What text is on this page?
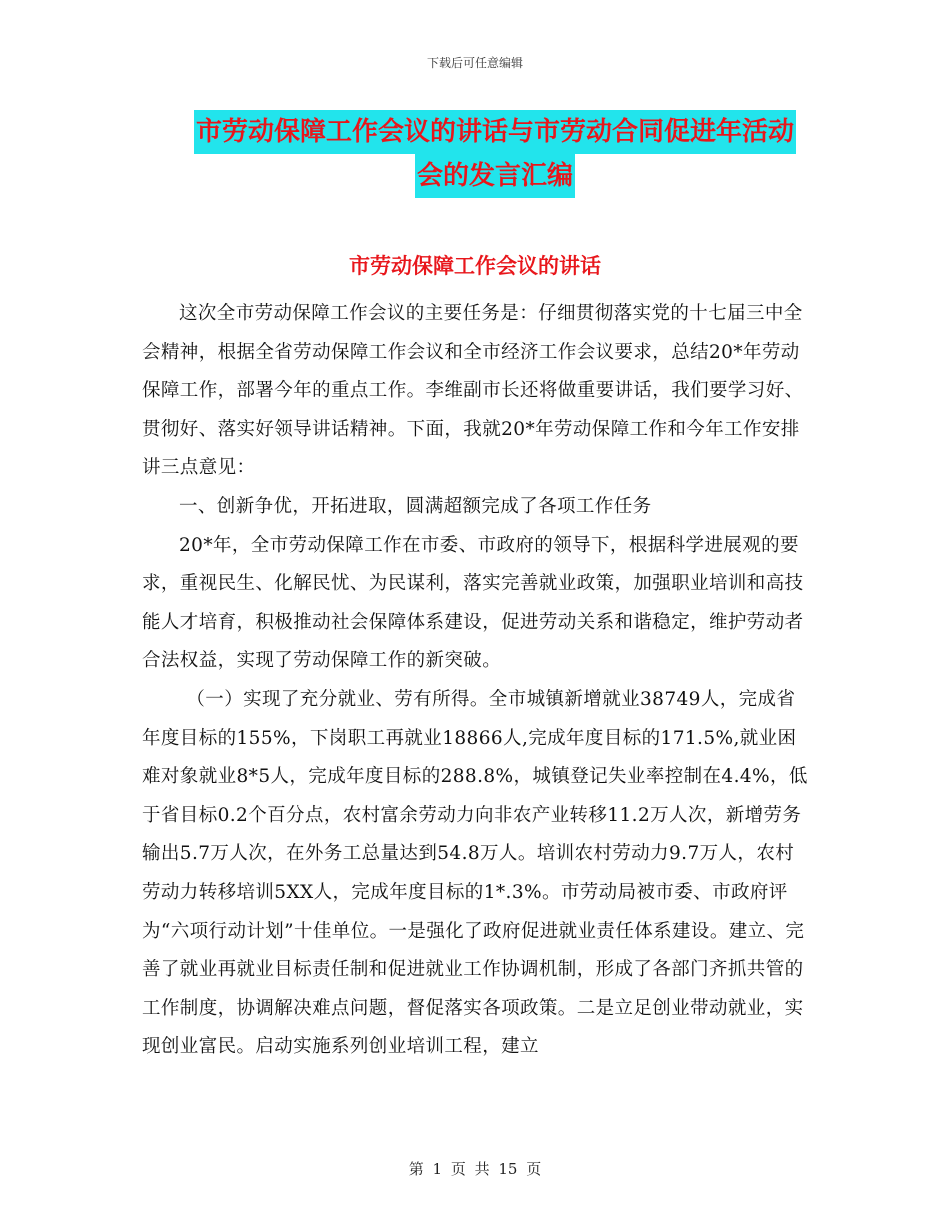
下载后可任意编辑
市劳动保障工作会议的讲话与市劳动合同促进年活动
会的发言汇编
市劳动保障工作会议的讲话

这次全市劳动保障工作会议的主要任务是：仔细贯彻落实党的十七届三中全会精神，根据全省劳动保障工作会议和全市经济工作会议要求，总结20*年劳动保障工作，部署今年的重点工作。李维副市长还将做重要讲话，我们要学习好、贯彻好、落实好领导讲话精神。下面，我就20*年劳动保障工作和今年工作安排讲三点意见：

一、创新争优，开拓进取，圆满超额完成了各项工作任务

20*年，全市劳动保障工作在市委、市政府的领导下，根据科学进展观的要求，重视民生、化解民忧、为民谋利，落实完善就业政策，加强职业培训和高技能人才培育，积极推动社会保障体系建设，促进劳动关系和谐稳定，维护劳动者合法权益，实现了劳动保障工作的新突破。

（一）实现了充分就业、劳有所得。全市城镇新增就业38749人，完成省年度目标的155%，下岗职工再就业18866人,完成年度目标的171.5%,就业困难对象就业8*5人，完成年度目标的288.8%，城镇登记失业率控制在4.4%，低于省目标0.2个百分点，农村富余劳动力向非农产业转移11.2万人次，新增劳务输出5.7万人次，在外务工总量达到54.8万人。培训农村劳动力9.7万人，农村劳动力转移培训5XX人，完成年度目标的1*.3%。市劳动局被市委、市政府评为“六项行动计划”十佳单位。一是强化了政府促进就业责任体系建设。建立、完善了就业再就业目标责任制和促进就业工作协调机制，形成了各部门齐抓共管的工作制度，协调解决难点问题，督促落实各项政策。二是立足创业带动就业，实现创业富民。启动实施系列创业培训工程，建立

第 1 页 共 15 页
